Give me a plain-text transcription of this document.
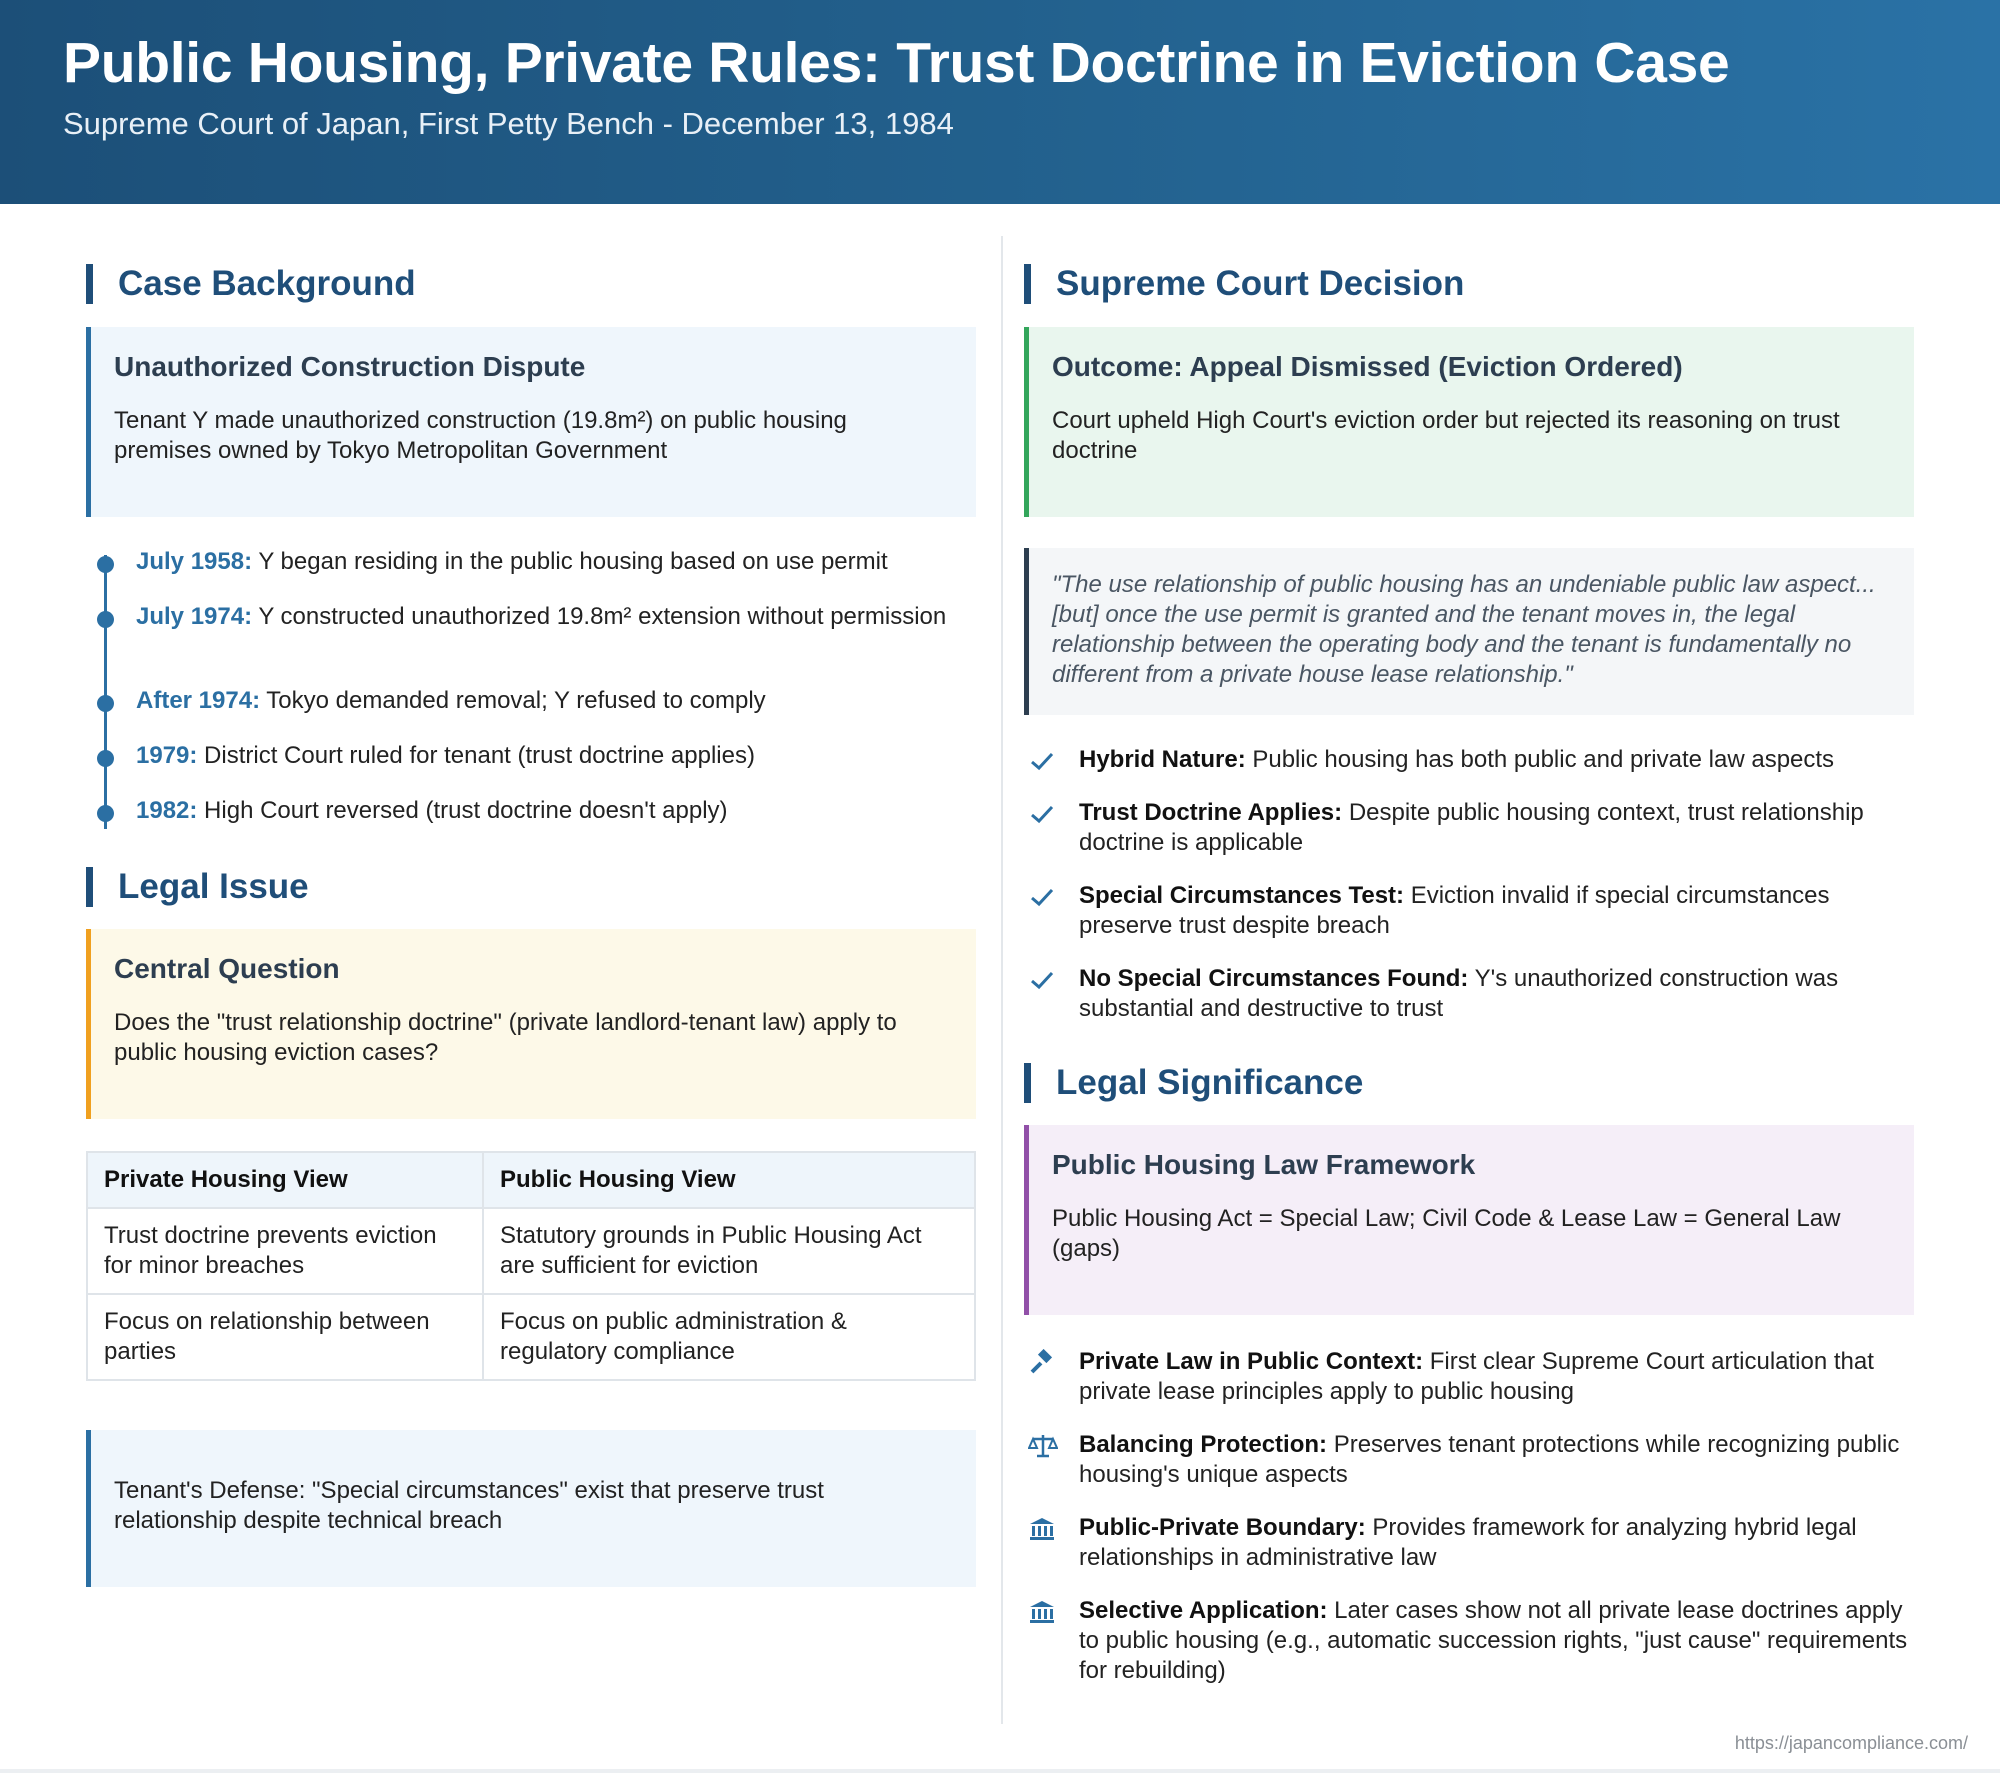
Public Housing, Private Rules: Trust Doctrine in Eviction Case
Supreme Court of Japan, First Petty Bench - December 13, 1984
Case Background
Unauthorized Construction Dispute
Tenant Y made unauthorized construction (19.8m²) on public housing premises owned by Tokyo Metropolitan Government
July 1958: Y began residing in the public housing based on use permit
July 1974: Y constructed unauthorized 19.8m² extension without permission
After 1974: Tokyo demanded removal; Y refused to comply
1979: District Court ruled for tenant (trust doctrine applies)
1982: High Court reversed (trust doctrine doesn't apply)
Legal Issue
Central Question
Does the "trust relationship doctrine" (private landlord-tenant law) apply to public housing eviction cases?
Private Housing View	Public Housing View
Trust doctrine prevents eviction for minor breaches	Statutory grounds in Public Housing Act are sufficient for eviction
Focus on relationship between parties	Focus on public administration & regulatory compliance
Tenant's Defense: "Special circumstances" exist that preserve trust relationship despite technical breach
Supreme Court Decision
Outcome: Appeal Dismissed (Eviction Ordered)
Court upheld High Court's eviction order but rejected its reasoning on trust doctrine
"The use relationship of public housing has an undeniable public law aspect... [but] once the use permit is granted and the tenant moves in, the legal relationship between the operating body and the tenant is fundamentally no different from a private house lease relationship."
Hybrid Nature: Public housing has both public and private law aspects
Trust Doctrine Applies: Despite public housing context, trust relationship doctrine is applicable
Special Circumstances Test: Eviction invalid if special circumstances preserve trust despite breach
No Special Circumstances Found: Y's unauthorized construction was substantial and destructive to trust
Legal Significance
Public Housing Law Framework
Public Housing Act = Special Law; Civil Code & Lease Law = General Law (gaps)
Private Law in Public Context: First clear Supreme Court articulation that private lease principles apply to public housing
Balancing Protection: Preserves tenant protections while recognizing public housing's unique aspects
Public-Private Boundary: Provides framework for analyzing hybrid legal relationships in administrative law
Selective Application: Later cases show not all private lease doctrines apply to public housing (e.g., automatic succession rights, "just cause" requirements for rebuilding)
https://japancompliance.com/
